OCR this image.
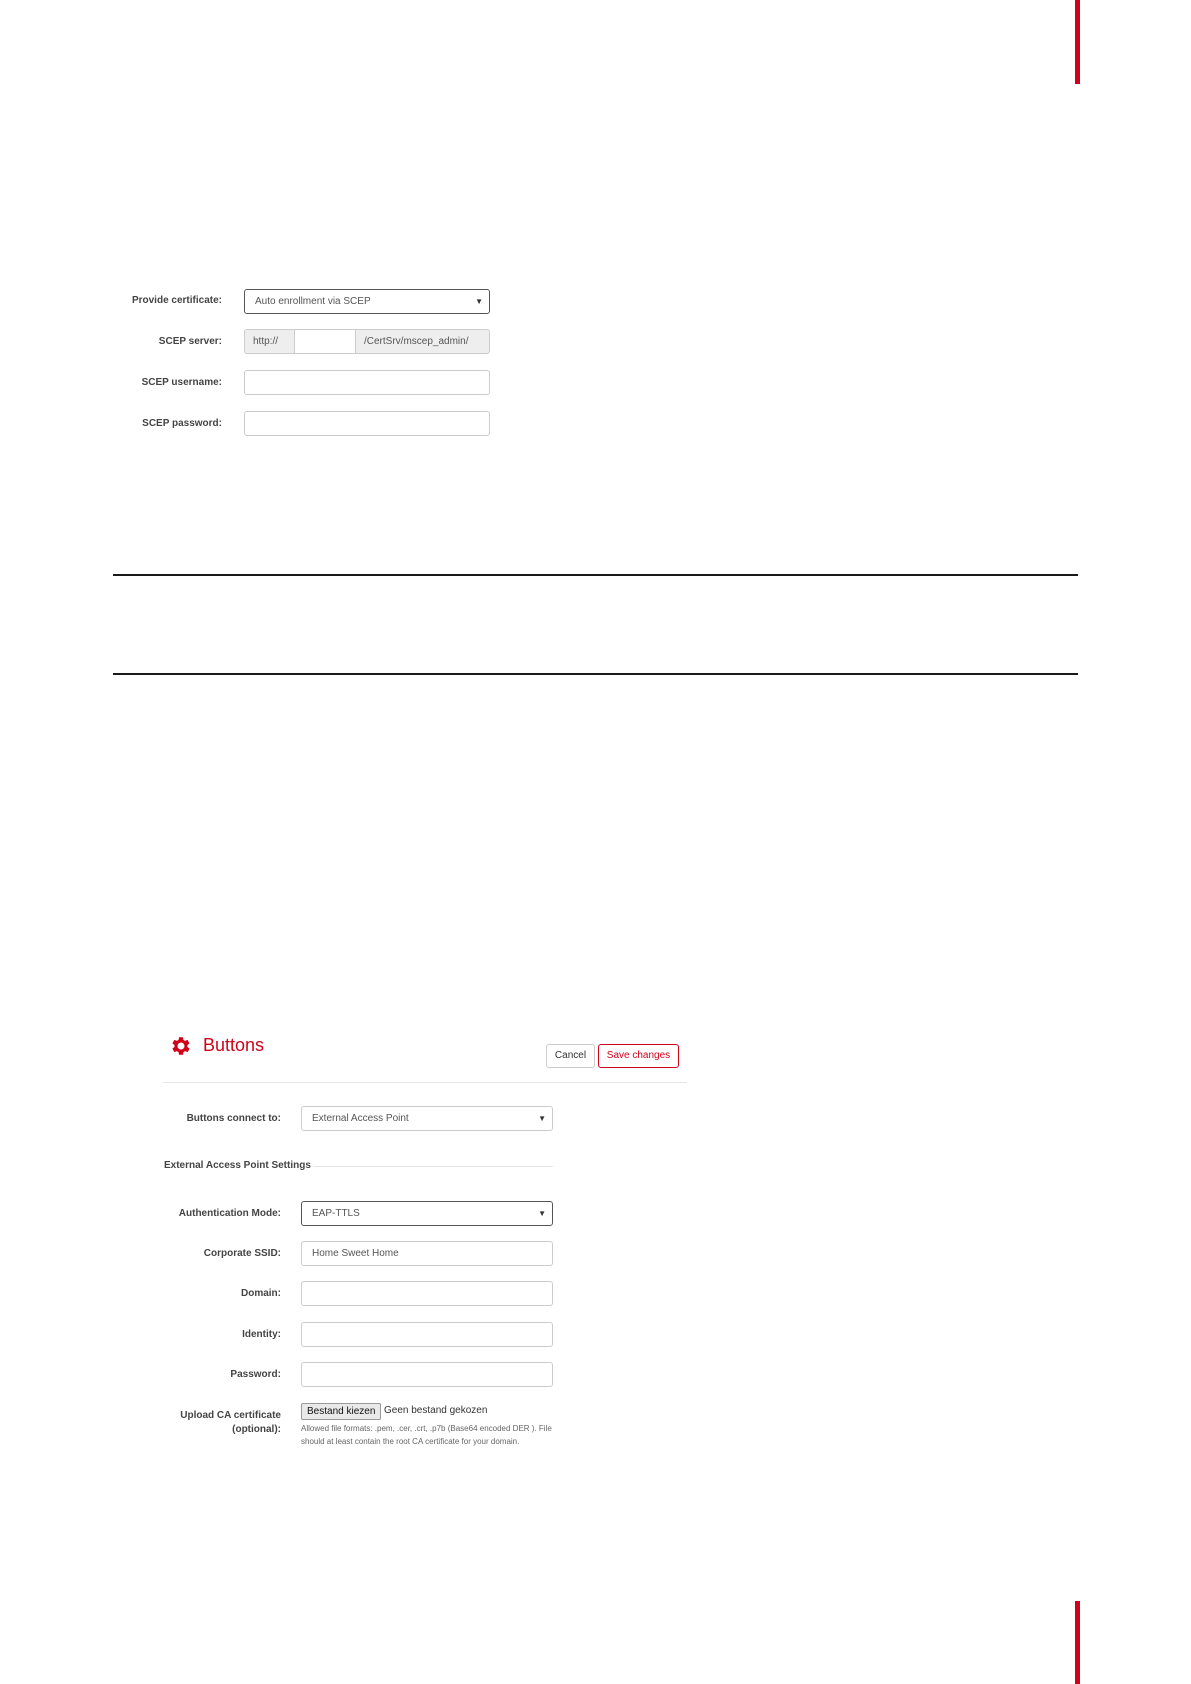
Provide certificate:	Auto enrollment via SCEP	▼
SCEP server:	http://	/CertSrv/mscep_admin/
SCEP username:
SCEP password:
Buttons
Cancel	Save changes
Buttons connect to:	External Access Point	▼
External Access Point Settings
Authentication Mode:	EAP-TTLS	▼
Corporate SSID:	Home Sweet Home
Domain:
Identity:
Password:
Upload CA certificate
(optional):
Bestand kiezen Geen bestand gekozen
Allowed file formats: .pem, .cer, .crt, .p7b (Base64 encoded DER ). File should at least contain the root CA certificate for your domain.
